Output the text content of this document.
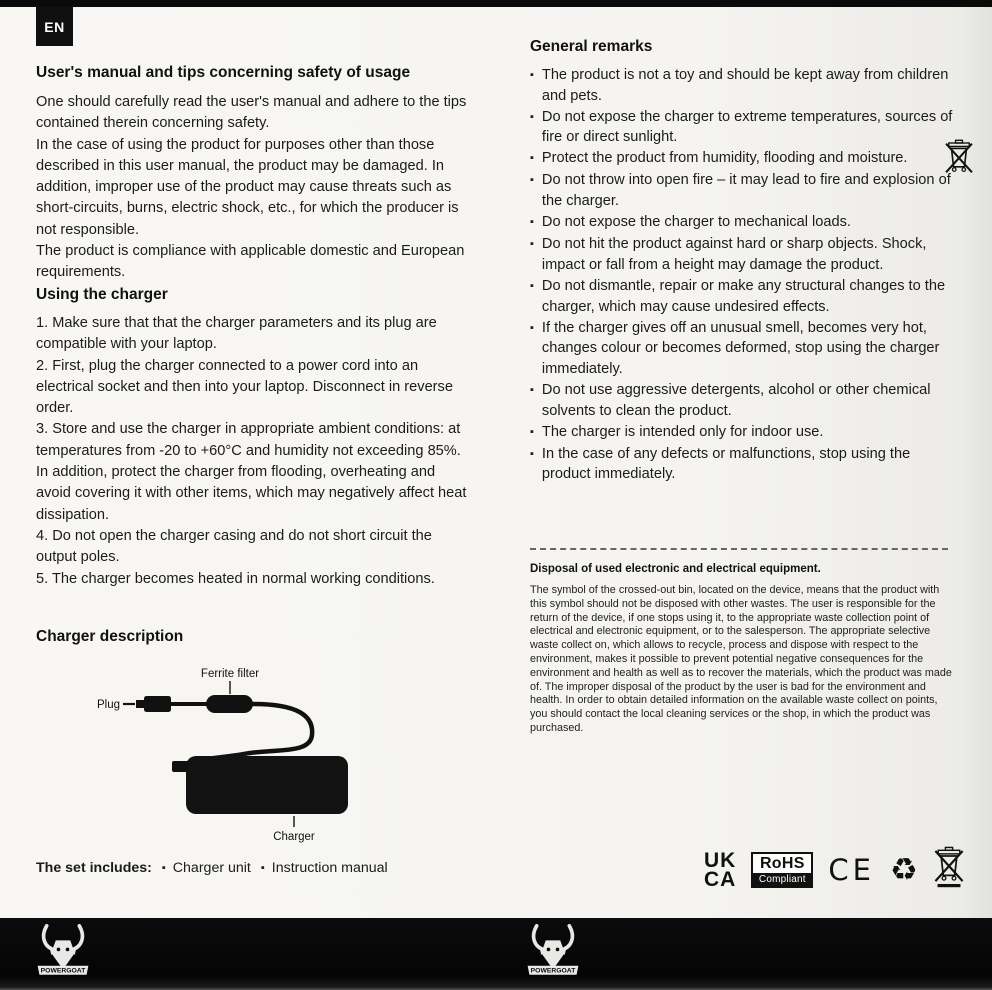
EN
User's manual and tips concerning safety of usage

One should carefully read the user's manual and adhere to the tips contained therein concerning safety.

In the case of using the product for purposes other than those described in this user manual, the product may be damaged. In addition, improper use of the product may cause threats such as short-circuits, burns, electric shock, etc., for which the producer is not responsible.

The product is compliance with applicable domestic and European requirements.

Using the charger

1. Make sure that that the charger parameters and its plug are compatible with your laptop.

2. First, plug the charger connected to a power cord into an electrical socket and then into your laptop. Disconnect in reverse order.

3. Store and use the charger in appropriate ambient conditions: at temperatures from -20 to +60°C and humidity not exceeding 85%. In addition, protect the charger from flooding, overheating and avoid covering it with other items, which may negatively affect heat dissipation.

4. Do not open the charger casing and do not short circuit the output poles.

5. The charger becomes heated in normal working conditions.

Charger description
Ferrite filter
Plug
Charger
The set includes: ▪ Charger unit ▪ Instruction manual
General remarks
▪
The product is not a toy and should be kept away from children and pets.
▪
Do not expose the charger to extreme temperatures, sources of fire or direct sunlight.
▪
Protect the product from humidity, flooding and moisture.
▪
Do not throw into open fire – it may lead to fire and explosion of the charger.
▪
Do not expose the charger to mechanical loads.
▪
Do not hit the product against hard or sharp objects. Shock, impact or fall from a height may damage the product.
▪
Do not dismantle, repair or make any structural changes to the charger, which may cause undesired effects.
▪
If the charger gives off an unusual smell, becomes very hot, changes colour or becomes deformed, stop using the charger immediately.
▪
Do not use aggressive detergents, alcohol or other chemical solvents to clean the product.
▪
The charger is intended only for indoor use.
▪
In the case of any defects or malfunctions, stop using the product immediately.
Disposal of used electronic and electrical equipment.
The symbol of the crossed-out bin, located on the device, means that the product with this symbol should not be disposed with other wastes. The user is responsible for the return of the device, if one stops using it, to the appropriate waste collection point of electrical and electronic equipment, or to the salesperson. The appropriate selective waste collect on, which allows to recycle, process and dispose with respect to the environment, makes it possible to prevent potential negative consequences for the environment and health as well as to recover the materials, which the product was made of. The improper disposal of the product by the user is bad for the environment and health. In order to obtain detailed information on the available waste collect on points, you should contact the local cleaning services or the shop, in which the product was purchased.
UK
CA
RoHS
Compliant CE ♻
POWERGOAT	POWERGOAT
